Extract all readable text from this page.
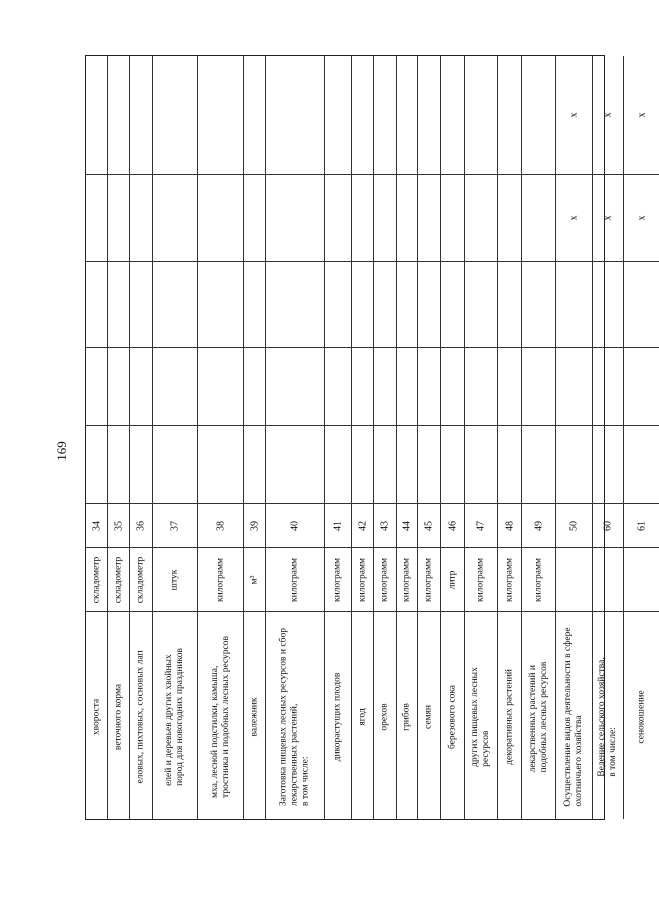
169
хвороста
складометр
34
веточного корма
складометр
35
еловых, пихтовых, сосновых лап
складометр
36
елей и деревьев других хвойных пород для новогодних праздников
штук
37
мха, лесной подстилки, камыша, тростника и подобных лесных ресурсов
килограмм
38
валежник
м³
39
Заготовка пищевых лесных ресурсов и сбор лекарственных растений, в том числе:
килограмм
40
дикорастущих плодов
килограмм
41
ягод
килограмм
42
орехов
килограмм
43
грибов
килограмм
44
семян
килограмм
45
березового сока
литр
46
других пищевых лесных ресурсов
килограмм
47
декоративных растений
килограмм
48
лекарственных растений и подобных лесных ресурсов
килограмм
49
Осуществление видов деятельности в сфере охотничьего хозяйства
50
x
x
Ведение сельского хозяйства, в том числе:
60
x
x
сенокошение
61
x
x
